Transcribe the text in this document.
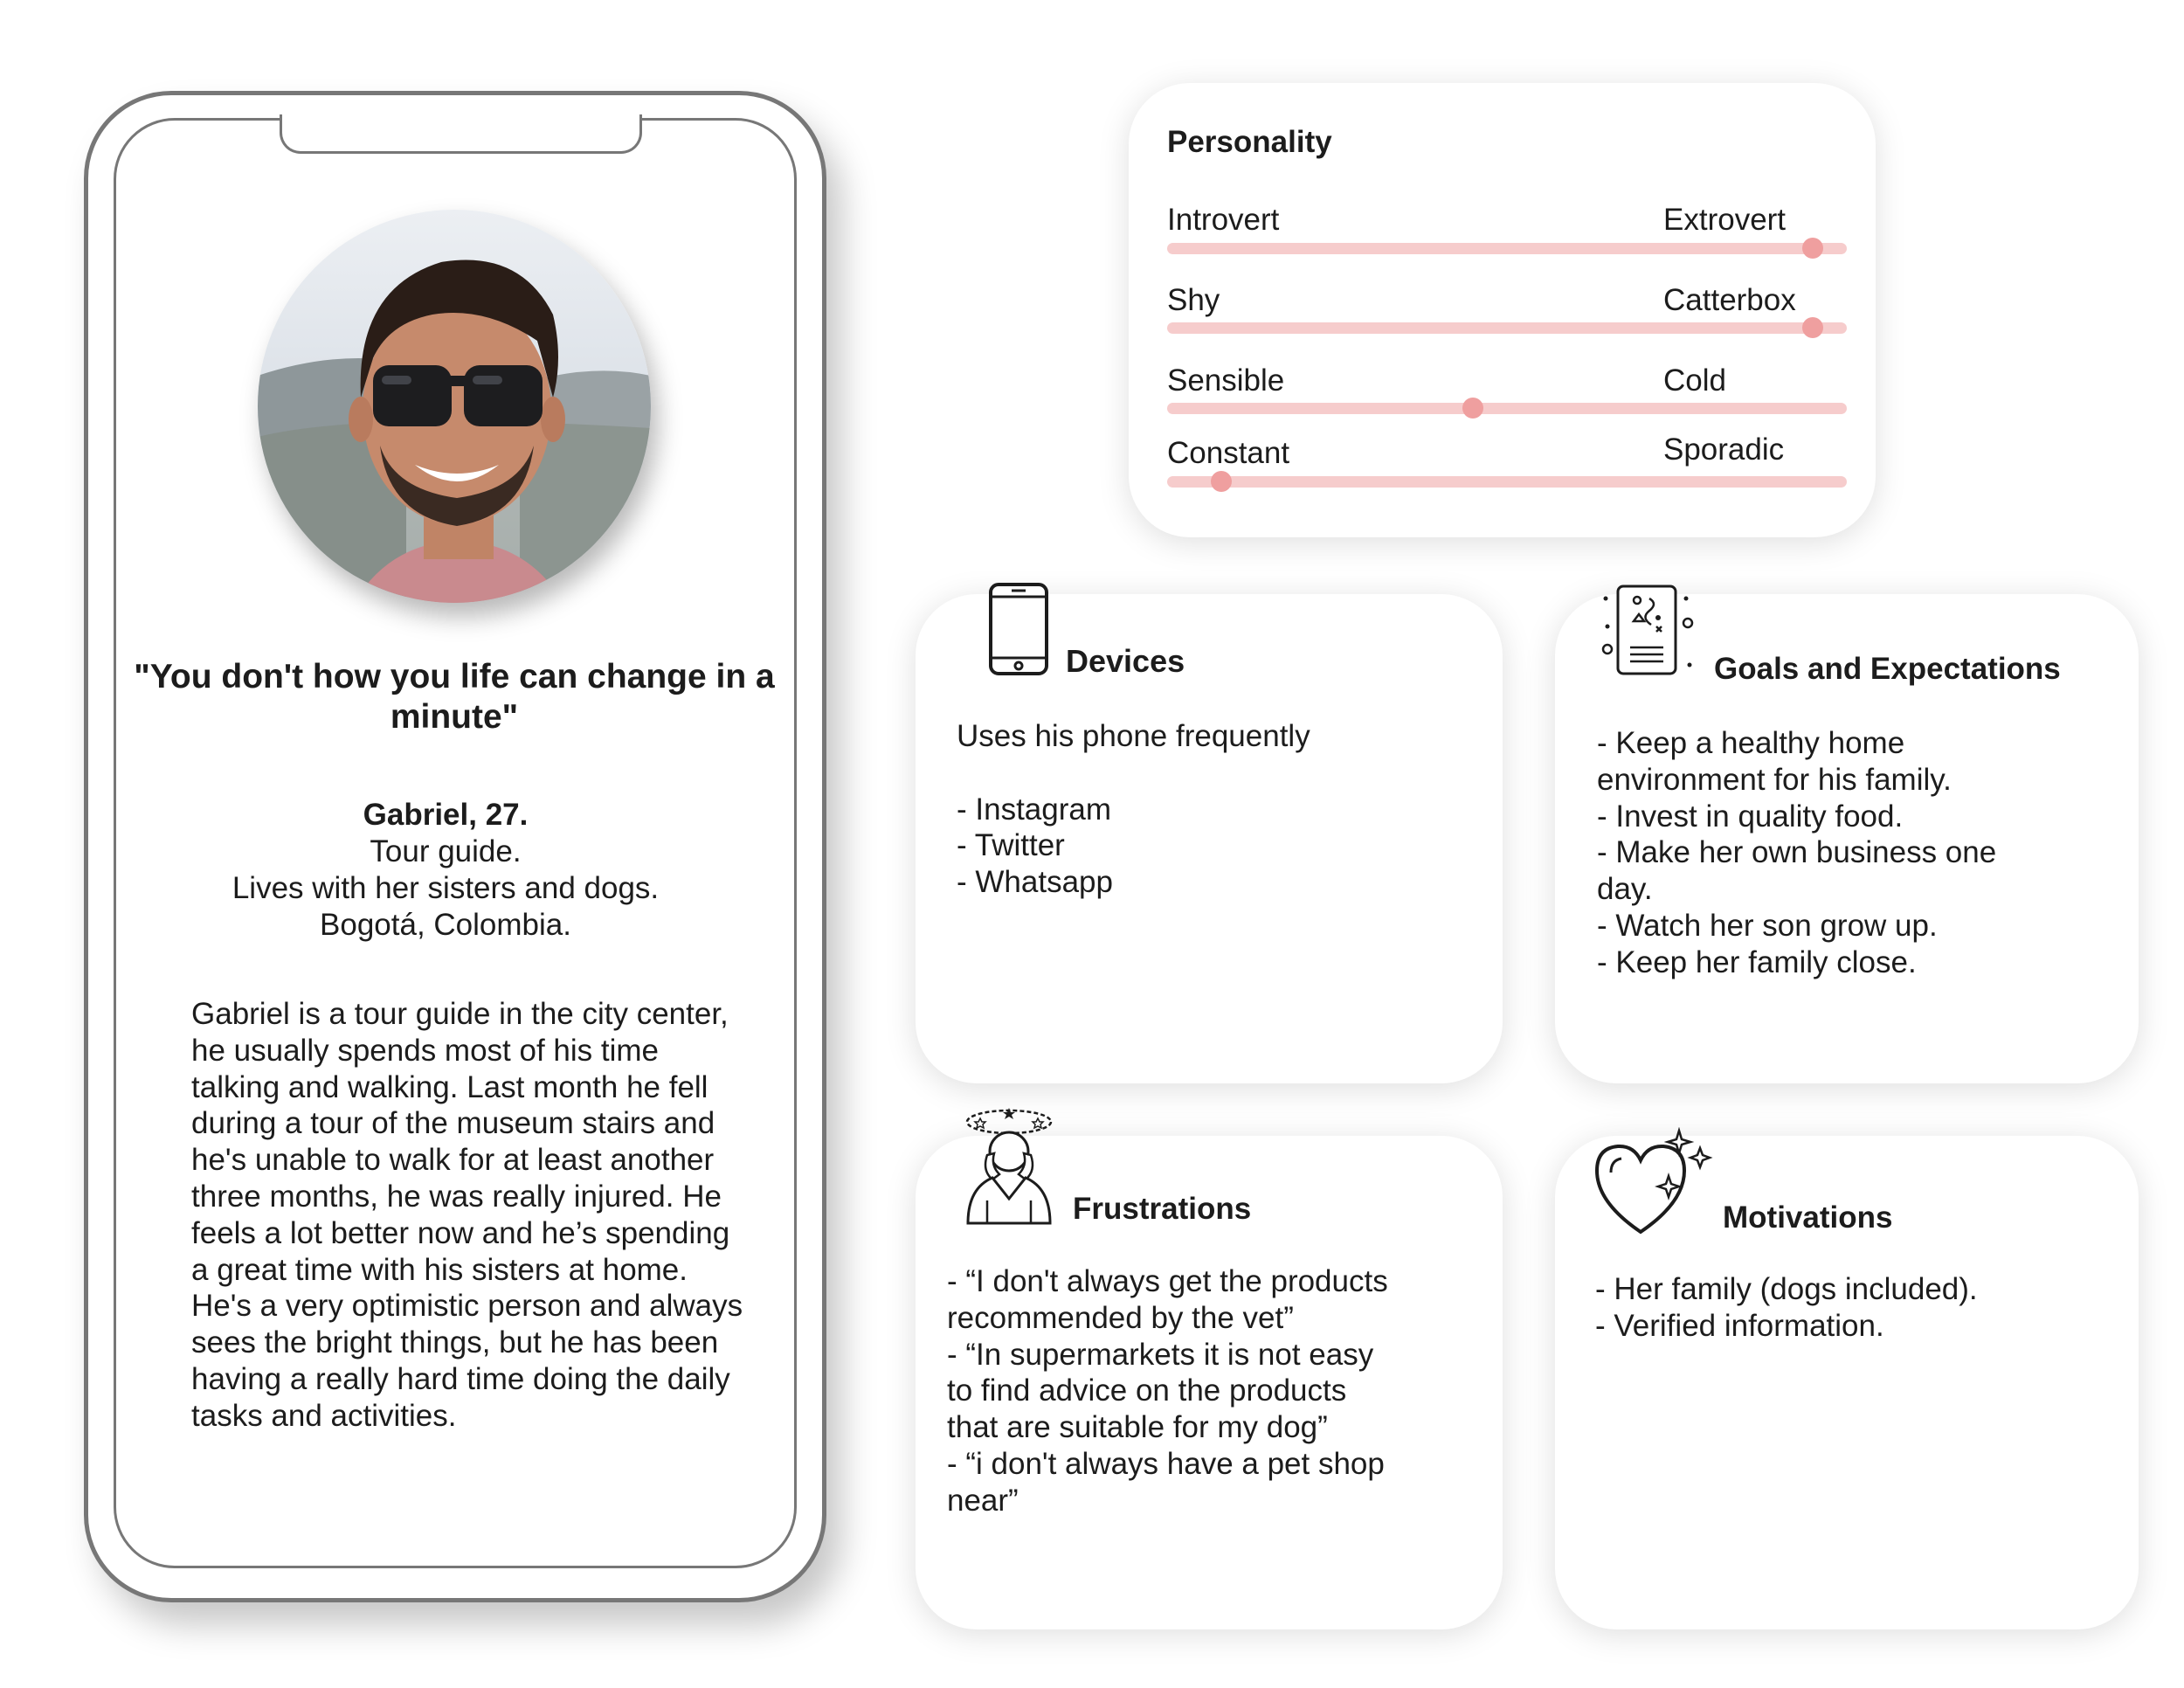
"You don't how you life can change in a minute"
Gabriel, 27.
Tour guide.
Lives with her sisters and dogs.
Bogotá, Colombia.
Gabriel is a tour guide in the city center, he usually spends most of his time talking and walking. Last month he fell during a tour of the museum stairs and he's unable to walk for at least another three months, he was really injured. He feels a lot better now and he’s spending a great time with his sisters at home. He's a very optimistic person and always sees the bright things, but he has been having a really hard time doing the daily tasks and activities.
Personality
Introvert	Extrovert
Shy	Catterbox
Sensible	Cold
Constant	Sporadic
Devices
Uses his phone frequently
- Instagram
- Twitter
- Whatsapp
Goals and Expectations
- Keep a healthy home
environment for his family.
- Invest in quality food.
- Make her own business one
day.
- Watch her son grow up.
- Keep her family close.
Frustrations
- “I don't always get the products
recommended by the vet”
- “In supermarkets it is not easy
to find advice on the products
that are suitable for my dog”
- “i don't always have a pet shop
near”
Motivations
- Her family (dogs included).
- Verified information.
